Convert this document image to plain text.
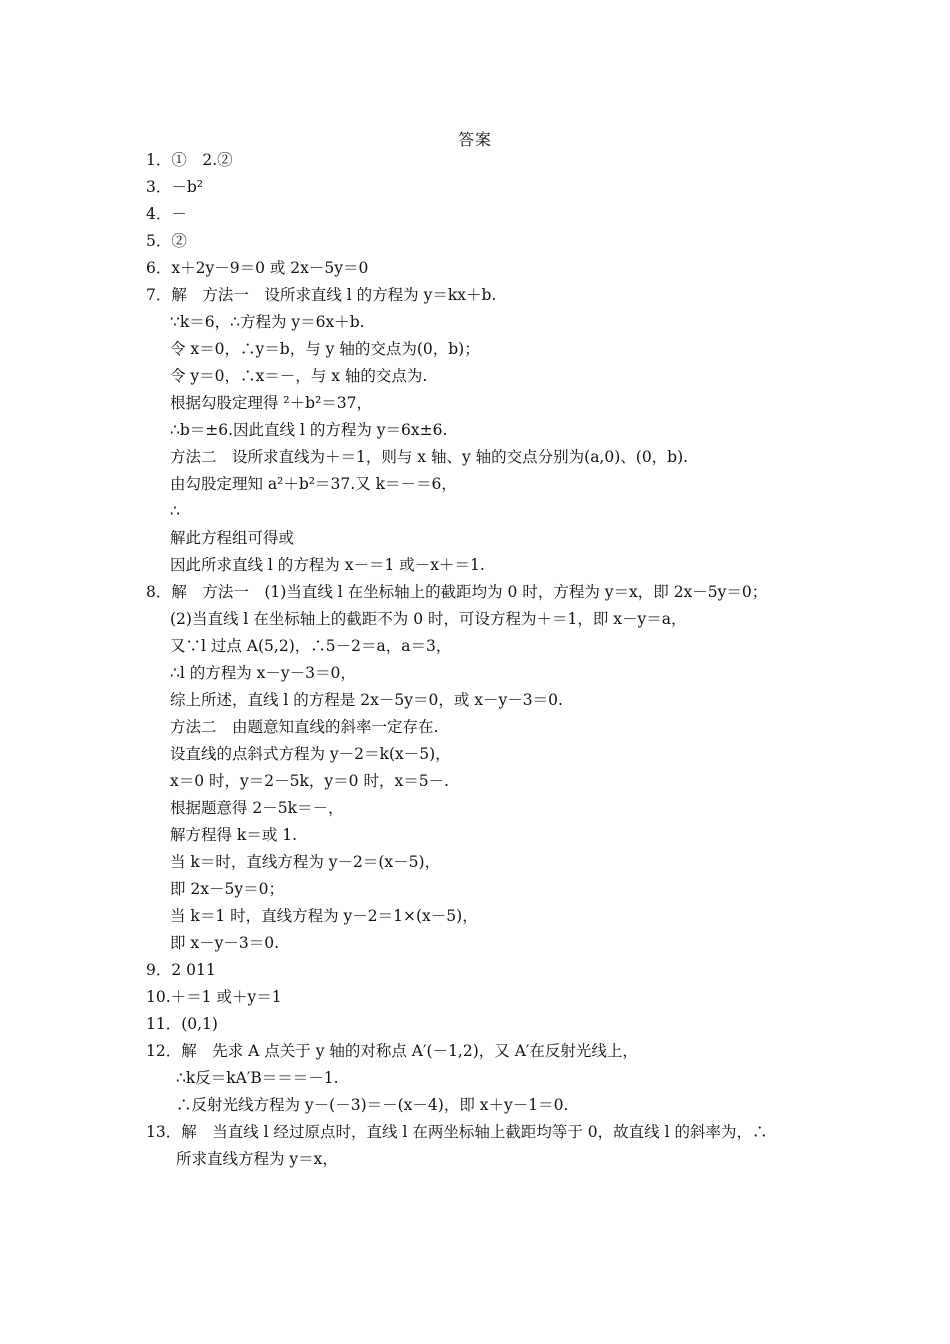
答案
1．①　2.②
3．－b²
4．－
5．②
6．x＋2y－9＝0 或 2x－5y＝0
7．解　方法一　设所求直线 l 的方程为 y＝kx＋b.
∵k＝6，∴方程为 y＝6x＋b.
令 x＝0，∴y＝b，与 y 轴的交点为(0，b)；
令 y＝0，∴x＝－，与 x 轴的交点为.
根据勾股定理得 ²＋b²＝37，
∴b＝±6.因此直线 l 的方程为 y＝6x±6.
方法二　设所求直线为＋＝1，则与 x 轴、y 轴的交点分别为(a,0)、(0，b).
由勾股定理知 a²＋b²＝37.又 k＝－＝6，
∴
解此方程组可得或
因此所求直线 l 的方程为 x－＝1 或－x＋＝1.
8．解　方法一　(1)当直线 l 在坐标轴上的截距均为 0 时，方程为 y＝x，即 2x－5y＝0；
(2)当直线 l 在坐标轴上的截距不为 0 时，可设方程为＋＝1，即 x－y＝a，
又∵l 过点 A(5,2)，∴5－2＝a，a＝3，
∴l 的方程为 x－y－3＝0，
综上所述，直线 l 的方程是 2x－5y＝0，或 x－y－3＝0.
方法二　由题意知直线的斜率一定存在.
设直线的点斜式方程为 y－2＝k(x－5)，
x＝0 时，y＝2－5k，y＝0 时，x＝5－.
根据题意得 2－5k＝－，
解方程得 k＝或 1.
当 k＝时，直线方程为 y－2＝(x－5)，
即 2x－5y＝0；
当 k＝1 时，直线方程为 y－2＝1×(x－5)，
即 x－y－3＝0.
9．2 011
10.＋＝1 或＋y＝1
11．(0,1)
12．解　先求 A 点关于 y 轴的对称点 A′(－1,2)，又 A′在反射光线上，
∴k反＝kA′B＝＝＝－1.
∴反射光线方程为 y－(－3)＝－(x－4)，即 x＋y－1＝0.
13．解　当直线 l 经过原点时，直线 l 在两坐标轴上截距均等于 0，故直线 l 的斜率为，∴
所求直线方程为 y＝x，
